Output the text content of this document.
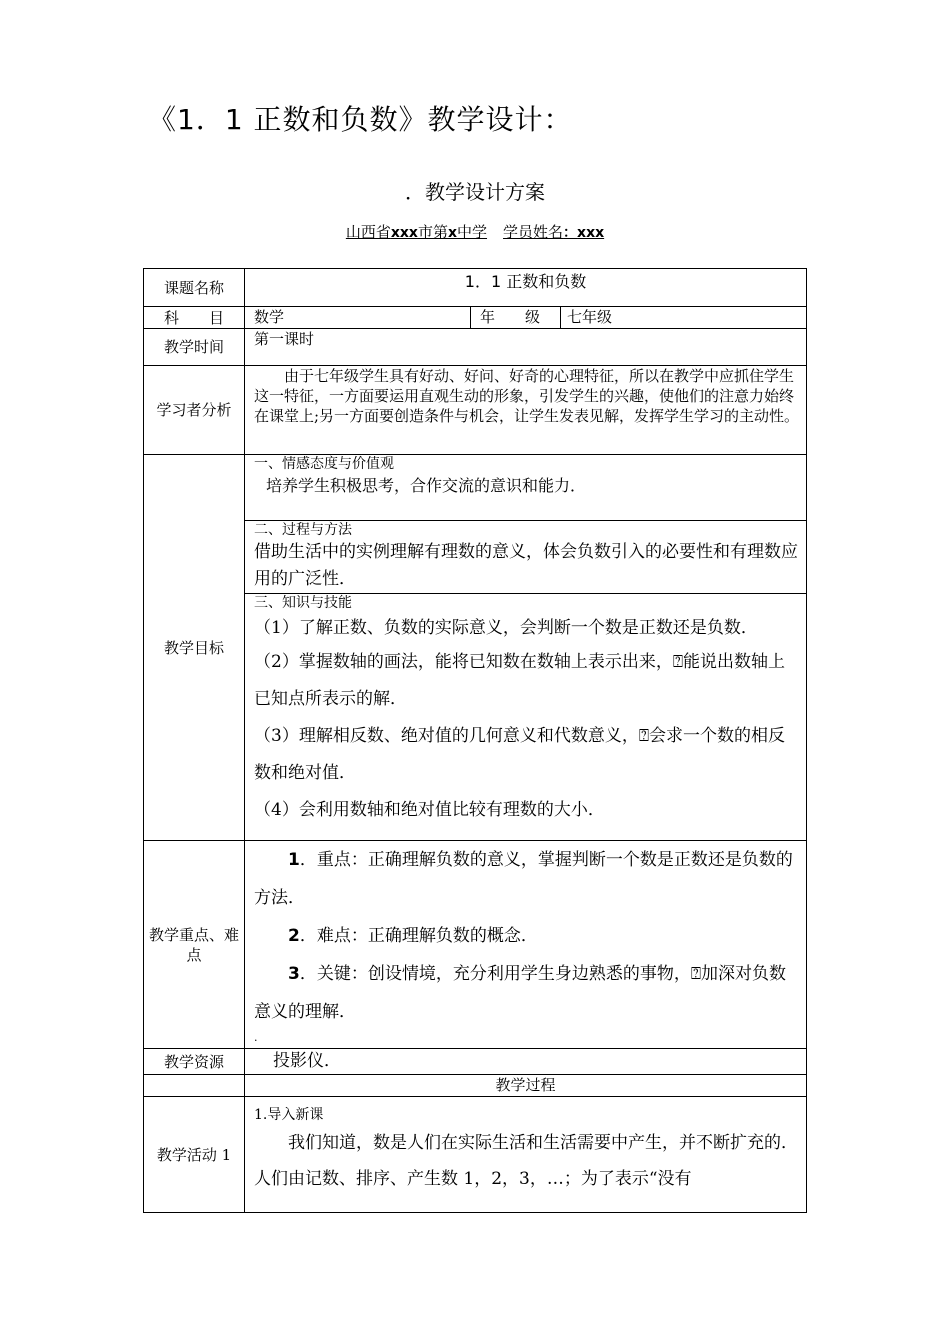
《1．1 正数和负数》教学设计：
．教学设计方案
山西省xxx市第x中学 学员姓名：xxx
课题名称	1．1 正数和负数		
科　　目	数学	年　　级	七年级
教学时间	第一课时		
学习者分析	由于七年级学生具有好动、好问、好奇的心理特征，所以在教学中应抓住学生这一特征，一方面要运用直观生动的形象，引发学生的兴趣，使他们的注意力始终在课堂上;另一方面要创造条件与机会，让学生发表见解，发挥学生学习的主动性。		
教学目标	一、情感态度与价值观
培养学生积极思考，合作交流的意识和能力．		

	二、过程与方法
借助生活中的实例理解有理数的意义，体会负数引入的必要性和有理数应用的广泛性．		

	三、知识与技能
（1）了解正数、负数的实际意义，会判断一个数是正数还是负数．
（2）掌握数轴的画法，能将已知数在数轴上表示出来，⍰能说出数轴上已知点所表示的解．
（3）理解相反数、绝对值的几何意义和代数意义，⍰会求一个数的相反数和绝对值．
（4）会利用数轴和绝对值比较有理数的大小．		

教学重点、难点	1．重点：正确理解负数的意义，掌握判断一个数是正数还是负数的方法．
2．难点：正确理解负数的概念．
3．关键：创设情境，充分利用学生身边熟悉的事物，⍰加深对负数意义的理解．
.		

教学资源	投影仪．		
	教学过程		
教学活动 1	1.导入新课
我们知道，数是人们在实际生活和生活需要中产生，并不断扩充的．人们由记数、排序、产生数 1，2，3，…；为了表示“没有		
